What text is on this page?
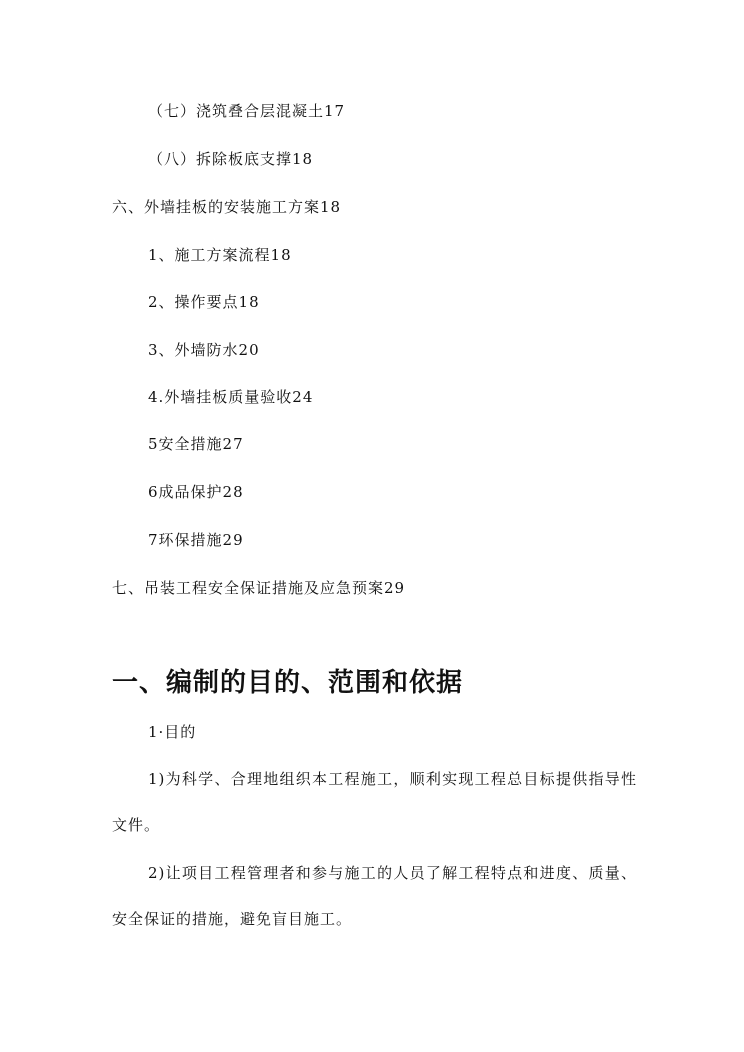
（七）浇筑叠合层混凝土17
（八）拆除板底支撑18
六、外墙挂板的安装施工方案18
1、施工方案流程18
2、操作要点18
3、外墙防水20
4.外墙挂板质量验收24
5安全措施27
6成品保护28
7环保措施29
七、吊装工程安全保证措施及应急预案29
一、编制的目的、范围和依据
1·目的
1)为科学、合理地组织本工程施工，顺利实现工程总目标提供指导性文件。
2)让项目工程管理者和参与施工的人员了解工程特点和进度、质量、安全保证的措施，避免盲目施工。
